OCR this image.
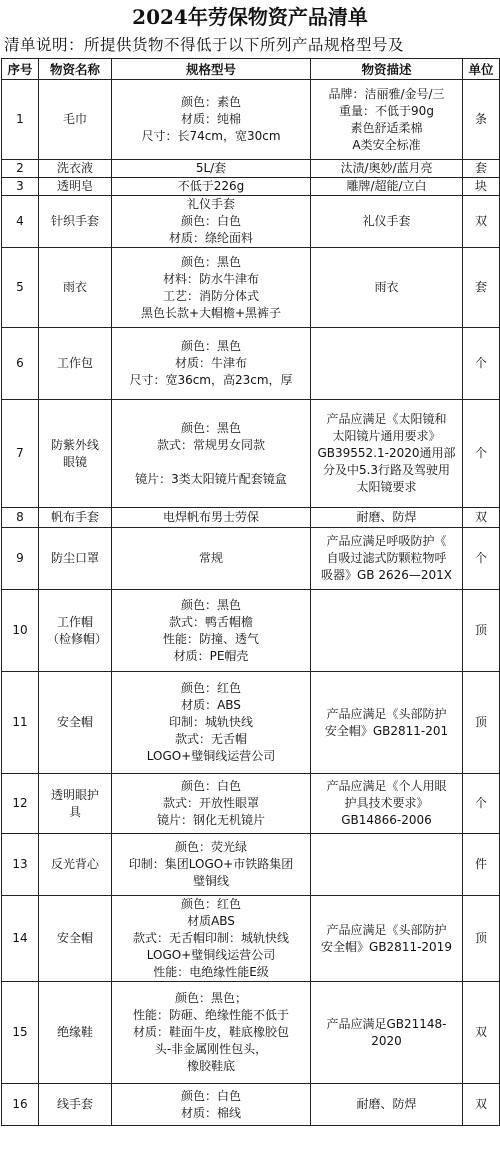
2024年劳保物资产品清单
清单说明：所提供货物不得低于以下所列产品规格型号及
序号	物资名称	规格型号	物资描述	单位
1	毛巾	颜色：素色
材质：纯棉
尺寸：长74cm，宽30cm	品牌：洁丽雅/金号/三
重量：不低于90g
素色舒适柔棉
A类安全标准	条
2	洗衣液	5L/套	汰渍/奥妙/蓝月亮	套
3	透明皂	不低于226g	雕牌/超能/立白	块
4	针织手套	礼仪手套
颜色：白色
材质：绦纶面料	礼仪手套	双
5	雨衣	颜色：黑色
材料：防水牛津布
工艺：消防分体式
黑色长款+大帽檐+黑裤子	雨衣	套
6	工作包	颜色：黑色
材质：牛津布
尺寸：宽36cm，高23cm，厚		个
7	防紫外线眼镜	颜色：黑色
款式：常规男女同款

镜片：3类太阳镜片配套镜盒	产品应满足《太阳镜和
太阳镜片通用要求》
GB39552.1-2020通用部
分及中5.3行路及驾驶用
太阳镜要求	个
8	帆布手套	电焊帆布男士劳保	耐磨、防焊	双
9	防尘口罩	常规	产品应满足呼吸防护《
自吸过滤式防颗粒物呼
吸器》GB 2626—201X	个
10	工作帽（检修帽）	颜色：黑色
款式：鸭舌帽檐
性能：防撞、透气
材质：PE帽壳		顶
11	安全帽	颜色：红色
材质：ABS
印制：城轨快线
款式：无舌帽
LOGO+璧铜线运营公司	产品应满足《头部防护
安全帽》GB2811-201	顶
12	透明眼护具	颜色：白色
款式：开放性眼罩
镜片：钢化无机镜片	产品应满足《个人用眼
护具技术要求》
GB14866-2006	个
13	反光背心	颜色：荧光绿
印制：集团LOGO+市铁路集团
璧铜线		件
14	安全帽	颜色：红色
材质ABS
款式：无舌帽印制：城轨快线
LOGO+璧铜线运营公司
性能：电绝缘性能E级	产品应满足《头部防护
安全帽》GB2811-2019	顶
15	绝缘鞋	颜色：黑色；
性能：防砸、绝缘性能不低于
材质：鞋面牛皮，鞋底橡胶包
头-非金属刚性包头，
橡胶鞋底	产品应满足GB21148-
2020	双
16	线手套	颜色：白色
材质：棉线	耐磨、防焊	双
